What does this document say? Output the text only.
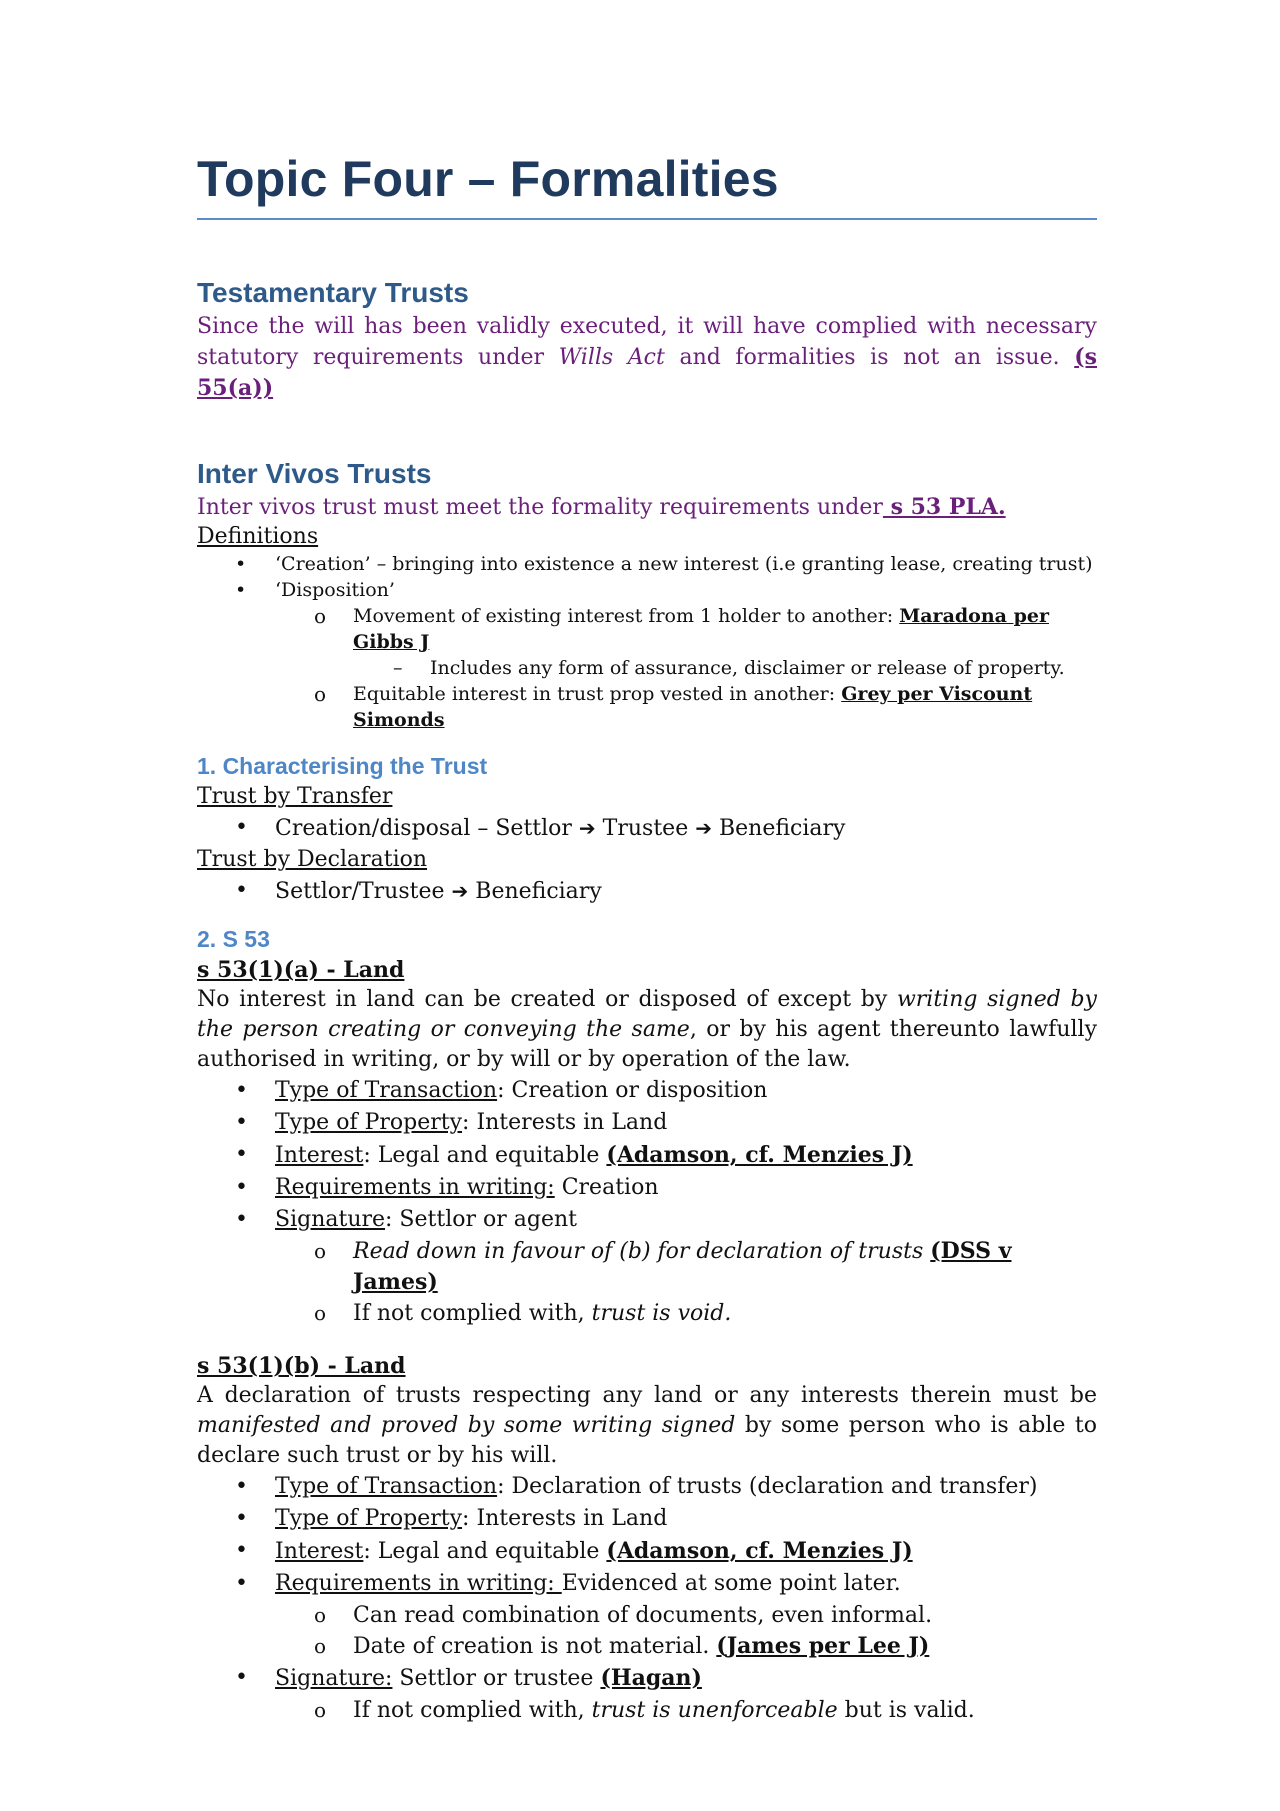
Topic Four – Formalities
Testamentary Trusts

Since the will has been validly executed, it will have complied with necessary statutory requirements under Wills Act and formalities is not an issue. (s 55(a))

Inter Vivos Trusts

Inter vivos trust must meet the formality requirements under s 53 PLA.

Definitions

• ‘Creation’ – bringing into existence a new interest (i.e granting lease, creating trust)
• ‘Disposition’
o Movement of existing interest from 1 holder to another: Maradona per Gibbs J
– Includes any form of assurance, disclaimer or release of property.
o Equitable interest in trust prop vested in another: Grey per Viscount Simonds
1. Characterising the Trust

Trust by Transfer

• Creation/disposal – Settlor ➔ Trustee ➔ Beneficiary

Trust by Declaration

• Settlor/Trustee ➔ Beneficiary
2. S 53

s 53(1)(a) - Land

No interest in land can be created or disposed of except by writing signed by the person creating or conveying the same, or by his agent thereunto lawfully authorised in writing, or by will or by operation of the law.

• Type of Transaction: Creation or disposition
• Type of Property: Interests in Land
• Interest: Legal and equitable (Adamson, cf. Menzies J)
• Requirements in writing: Creation
• Signature: Settlor or agent
o Read down in favour of (b) for declaration of trusts (DSS v James)
o If not complied with, trust is void.

s 53(1)(b) - Land

A declaration of trusts respecting any land or any interests therein must be manifested and proved by some writing signed by some person who is able to declare such trust or by his will.

• Type of Transaction: Declaration of trusts (declaration and transfer)
• Type of Property: Interests in Land
• Interest: Legal and equitable (Adamson, cf. Menzies J)
• Requirements in writing: Evidenced at some point later.
o Can read combination of documents, even informal.
o Date of creation is not material. (James per Lee J)
• Signature: Settlor or trustee (Hagan)
o If not complied with, trust is unenforceable but is valid.
